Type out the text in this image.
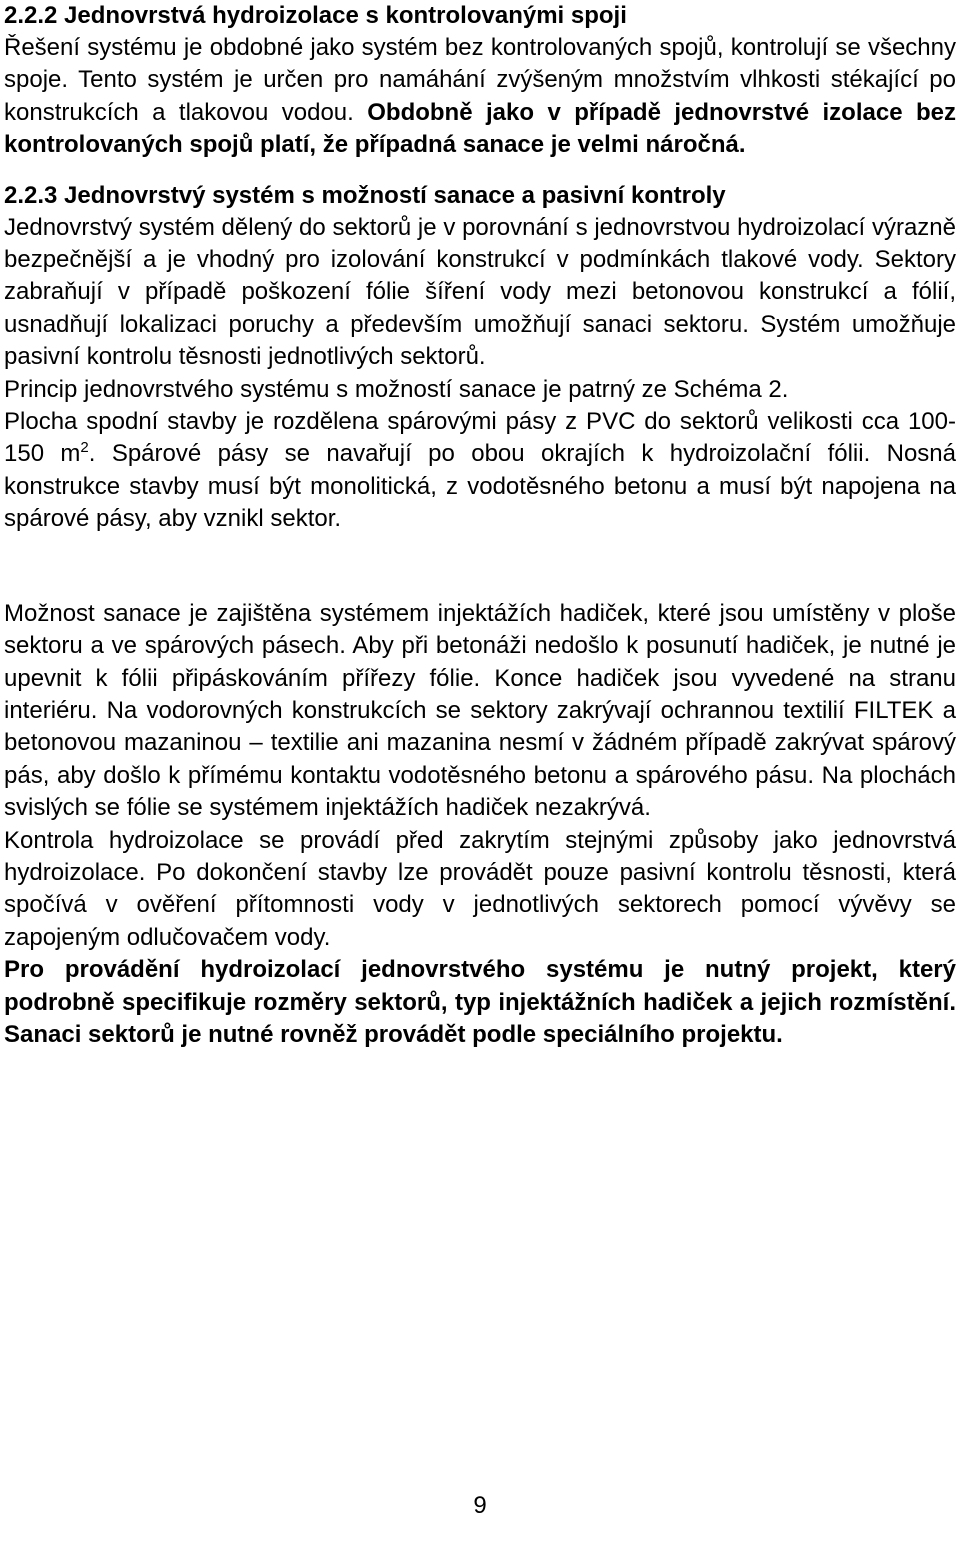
2.2.2 Jednovrstvá hydroizolace s kontrolovanými spoji

Řešení systému je obdobné jako systém bez kontrolovaných spojů, kontrolují se všechny spoje. Tento systém je určen pro namáhání zvýšeným množstvím vlhkosti stékající po konstrukcích a tlakovou vodou. Obdobně jako v případě jednovrstvé izolace bez kontrolovaných spojů platí, že případná sanace je velmi náročná.

2.2.3 Jednovrstvý systém s možností sanace a pasivní kontroly

Jednovrstvý systém dělený do sektorů je v porovnání s jednovrstvou hydroizolací výrazně bezpečnější a je vhodný pro izolování konstrukcí v podmínkách tlakové vody. Sektory zabraňují v případě poškození fólie šíření vody mezi betonovou konstrukcí a fólií, usnadňují lokalizaci poruchy a především umožňují sanaci sektoru. Systém umožňuje pasivní kontrolu těsnosti jednotlivých sektorů.

Princip jednovrstvého systému s možností sanace je patrný ze Schéma 2.

Plocha spodní stavby je rozdělena spárovými pásy z PVC do sektorů velikosti cca 100-150 $m^2$. Spárové pásy se navařují po obou okrajích k hydroizolační fólii. Nosná konstrukce stavby musí být monolitická, z vodotěsného betonu a musí být napojena na spárové pásy, aby vznikl sektor.

Možnost sanace je zajištěna systémem injektážích hadiček, které jsou umístěny v ploše sektoru a ve spárových pásech. Aby při betonáži nedošlo k posunutí hadiček, je nutné je upevnit k fólii připáskováním přířezy fólie. Konce hadiček jsou vyvedené na stranu interiéru. Na vodorovných konstrukcích se sektory zakrývají ochrannou textilií FILTEK a betonovou mazaninou – textilie ani mazanina nesmí v žádném případě zakrývat spárový pás, aby došlo k přímému kontaktu vodotěsného betonu a spárového pásu. Na plochách svislých se fólie se systémem injektážích hadiček nezakrývá.

Kontrola hydroizolace se provádí před zakrytím stejnými způsoby jako jednovrstvá hydroizolace. Po dokončení stavby lze provádět pouze pasivní kontrolu těsnosti, která spočívá v ověření přítomnosti vody v jednotlivých sektorech pomocí vývěvy se zapojeným odlučovačem vody.

Pro provádění hydroizolací jednovrstvého systému je nutný projekt, který podrobně specifikuje rozměry sektorů, typ injektážních hadiček a jejich rozmístění. Sanaci sektorů je nutné rovněž provádět podle speciálního projektu.

9
